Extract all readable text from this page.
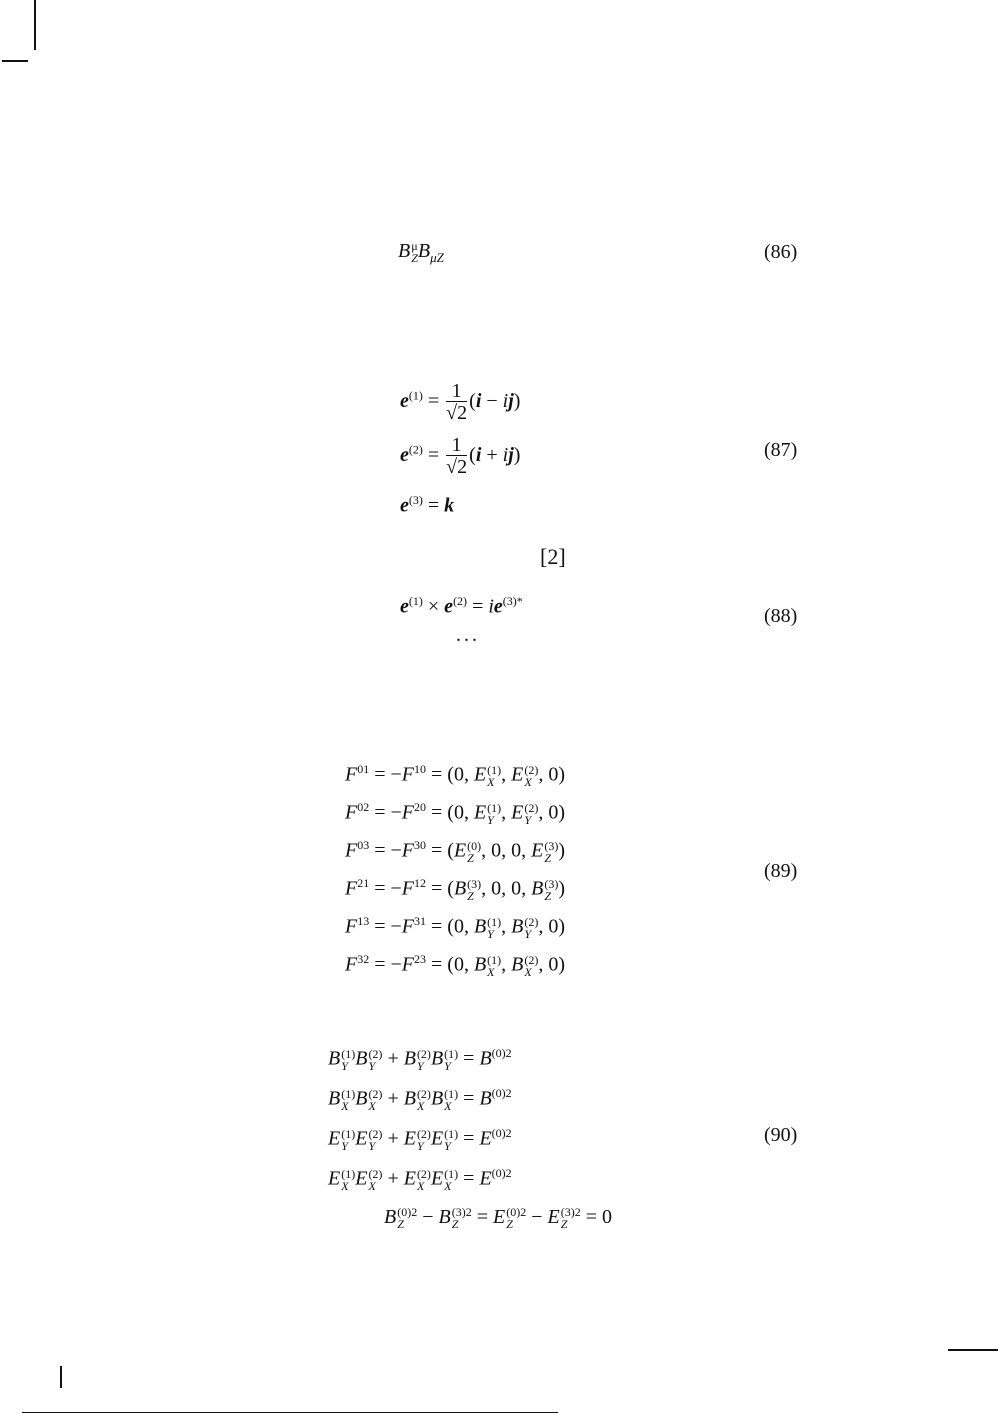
B μ
Z $B_{\mu Z}$	(86)
$e^{(1)} = \frac{1}{√2} (i - ij)$
$e^{(2)} = \frac{1}{√2} (i + ij)$
$e^{(3)} = k$
(87)
[2]
$e^{(1)} \times e^{(2)} = ie^{(3)*}$
...
(88)
$F^{01} = -F^{10} = (0$, E (1)
X , E (2)
X , 0)
$F^{02} = -F^{20} = (0$, E (1)
Y , E (2)
Y , 0)
$F^{03} = -F^{30} = (E$ (0)
Z , 0, 0, E (3)
Z )
$F^{21} = -F^{12} = (B$ (3)
Z , 0, 0, B (3)
Z )
$F^{13} = -F^{31} = (0$, B (1)
Y , B (2)
Y , 0)
$F^{32} = -F^{23} = (0$, B (1)
X , B (2)
X , 0)
(89)
B (1)
Y B (2)
Y + B (2)
Y B (1)
$Y = B^{(0)2}$
B (1)
X B (2)
X + B (2)
X B (1)
$X = B^{(0)2}$
E (1)
Y E (2)
Y + E (2)
Y E (1)
$Y = E^{(0)2}$
E (1)
X E (2)
X + E (2)
X E (1)
$X = E^{(0)2}$
B (0)2
Z − B (3)2
Z = E (0)2
Z − E (3)2
Z = 0
(90)
